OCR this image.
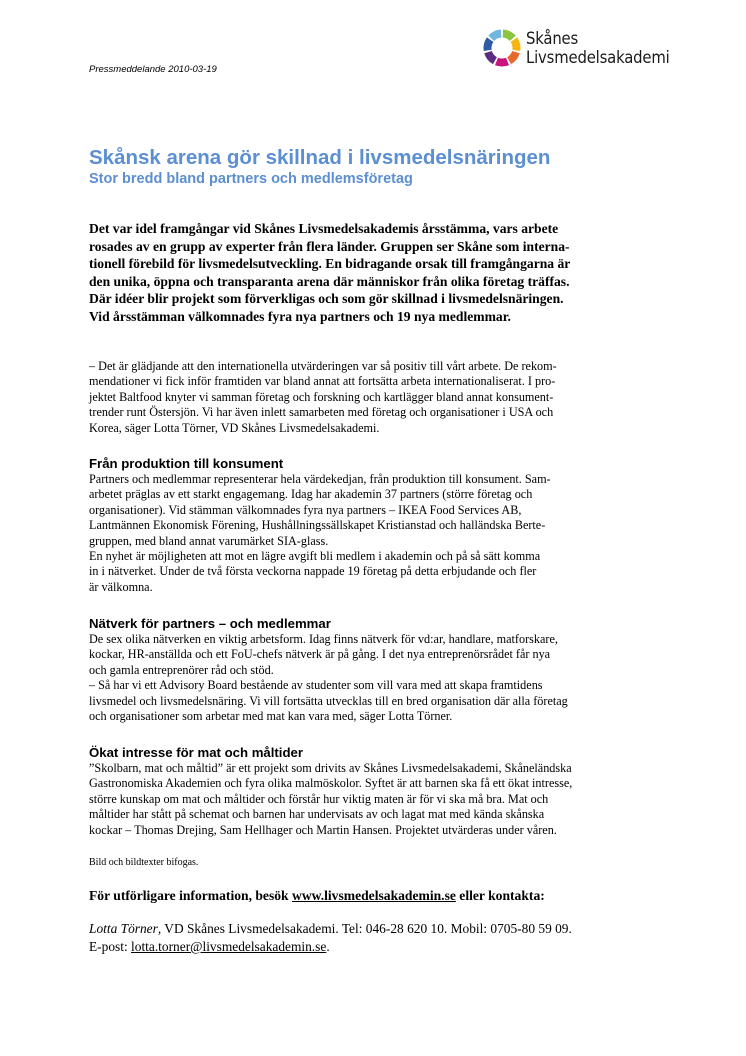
Pressmeddelande 2010-03-19
Skånes
Livsmedelsakademi
Skånsk arena gör skillnad i livsmedelsnäringen
Stor bredd bland partners och medlemsföretag

Det var idel framgångar vid Skånes Livsmedelsakademis årsstämma, vars arbete
rosades av en grupp av experter från flera länder. Gruppen ser Skåne som interna-
tionell förebild för livsmedelsutveckling. En bidragande orsak till framgångarna är
den unika, öppna och transparanta arena där människor från olika företag träffas.
Där idéer blir projekt som förverkligas och som gör skillnad i livsmedelsnäringen.
Vid årsstämman välkomnades fyra nya partners och 19 nya medlemmar.

– Det är glädjande att den internationella utvärderingen var så positiv till vårt arbete. De rekom-
mendationer vi fick inför framtiden var bland annat att fortsätta arbeta internationaliserat. I pro-
jektet Baltfood knyter vi samman företag och forskning och kartlägger bland annat konsument-
trender runt Östersjön. Vi har även inlett samarbeten med företag och organisationer i USA och
Korea, säger Lotta Törner, VD Skånes Livsmedelsakademi.

Från produktion till konsument

Partners och medlemmar representerar hela värdekedjan, från produktion till konsument. Sam-
arbetet präglas av ett starkt engagemang. Idag har akademin 37 partners (större företag och
organisationer). Vid stämman välkomnades fyra nya partners – IKEA Food Services AB,
Lantmännen Ekonomisk Förening, Hushållningssällskapet Kristianstad och halländska Berte-
gruppen, med bland annat varumärket SIA-glass.
En nyhet är möjligheten att mot en lägre avgift bli medlem i akademin och på så sätt komma
in i nätverket. Under de två första veckorna nappade 19 företag på detta erbjudande och fler
är välkomna.

Nätverk för partners – och medlemmar

De sex olika nätverken en viktig arbetsform. Idag finns nätverk för vd:ar, handlare, matforskare,
kockar, HR-anställda och ett FoU-chefs nätverk är på gång. I det nya entreprenörsrådet får nya
och gamla entreprenörer råd och stöd.
– Så har vi ett Advisory Board bestående av studenter som vill vara med att skapa framtidens
livsmedel och livsmedelsnäring. Vi vill fortsätta utvecklas till en bred organisation där alla företag
och organisationer som arbetar med mat kan vara med, säger Lotta Törner.

Ökat intresse för mat och måltider

”Skolbarn, mat och måltid” är ett projekt som drivits av Skånes Livsmedelsakademi, Skåneländska
Gastronomiska Akademien och fyra olika malmöskolor. Syftet är att barnen ska få ett ökat intresse,
större kunskap om mat och måltider och förstår hur viktig maten är för vi ska må bra. Mat och
måltider har stått på schemat och barnen har undervisats av och lagat mat med kända skånska
kockar – Thomas Drejing, Sam Hellhager och Martin Hansen. Projektet utvärderas under våren.

Bild och bildtexter bifogas.
För utförligare information, besök www.livsmedelsakademin.se eller kontakta:
Lotta Törner, VD Skånes Livsmedelsakademi. Tel: 046-28 620 10. Mobil: 0705-80 59 09.
E-post: lotta.torner@livsmedelsakademin.se.
